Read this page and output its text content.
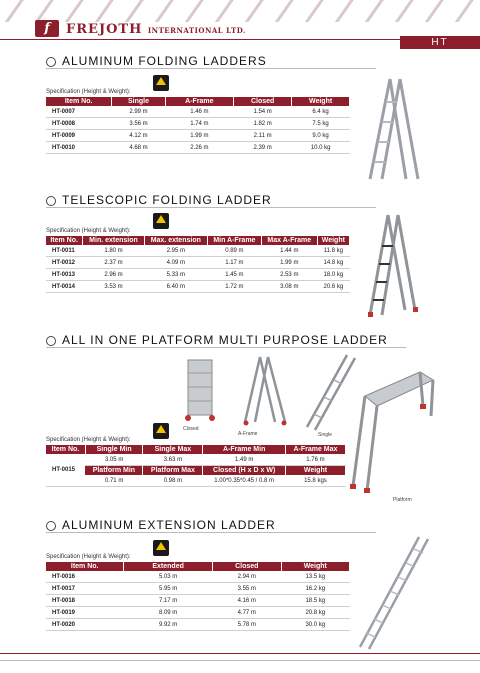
f	FREJOTH INTERNATIONAL LTD.
HT
ALUMINUM FOLDING LADDERS
Specification (Height & Weight):
Item No.	Single	A-Frame	Closed	Weight
HT-0007	2.99 m	1.46 m	1.54 m	6.4 kg
HT-0008	3.56 m	1.74 m	1.82 m	7.5 kg
HT-0009	4.12 m	1.99 m	2.11 m	9.0 kg
HT-0010	4.68 m	2.26 m	2.39 m	10.0 kg
TELESCOPIC FOLDING LADDER
Specification (Height & Weight):
Item No.	Min. extension	Max. extension	Min A-Frame	Max A-Frame	Weight
HT-0011	1.80 m	2.95 m	0.89 m	1.44 m	11.8 kg
HT-0012	2.37 m	4.09 m	1.17 m	1.99 m	14.8 kg
HT-0013	2.96 m	5.33 m	1.45 m	2.53 m	18.0 kg
HT-0014	3.53 m	6.40 m	1.72 m	3.08 m	20.6 kg
ALL IN ONE PLATFORM MULTI PURPOSE LADDER
Closed
A-Frame	Single
Platform
Specification (Height & Weight):
Item No.	Single Min	Single Max	A-Frame Min	A-Frame Max
HT-0015	3.05 m	3.63 m	1.49 m	1.76 m
	Platform Min	Platform Max	Closed (H x D x W)	Weight
	0.71 m	0.98 m	1.00*0.35*0.45 / 0.8 m	15.8 kgs
ALUMINUM EXTENSION LADDER
Specification (Height & Weight):
Item No.	Extended	Closed	Weight
HT-0016	5.03 m	2.94 m	13.5 kg
HT-0017	5.95 m	3.55 m	16.2 kg
HT-0018	7.17 m	4.16 m	18.5 kg
HT-0019	8.09 m	4.77 m	20.8 kg
HT-0020	9.92 m	5.78 m	30.0 kg
